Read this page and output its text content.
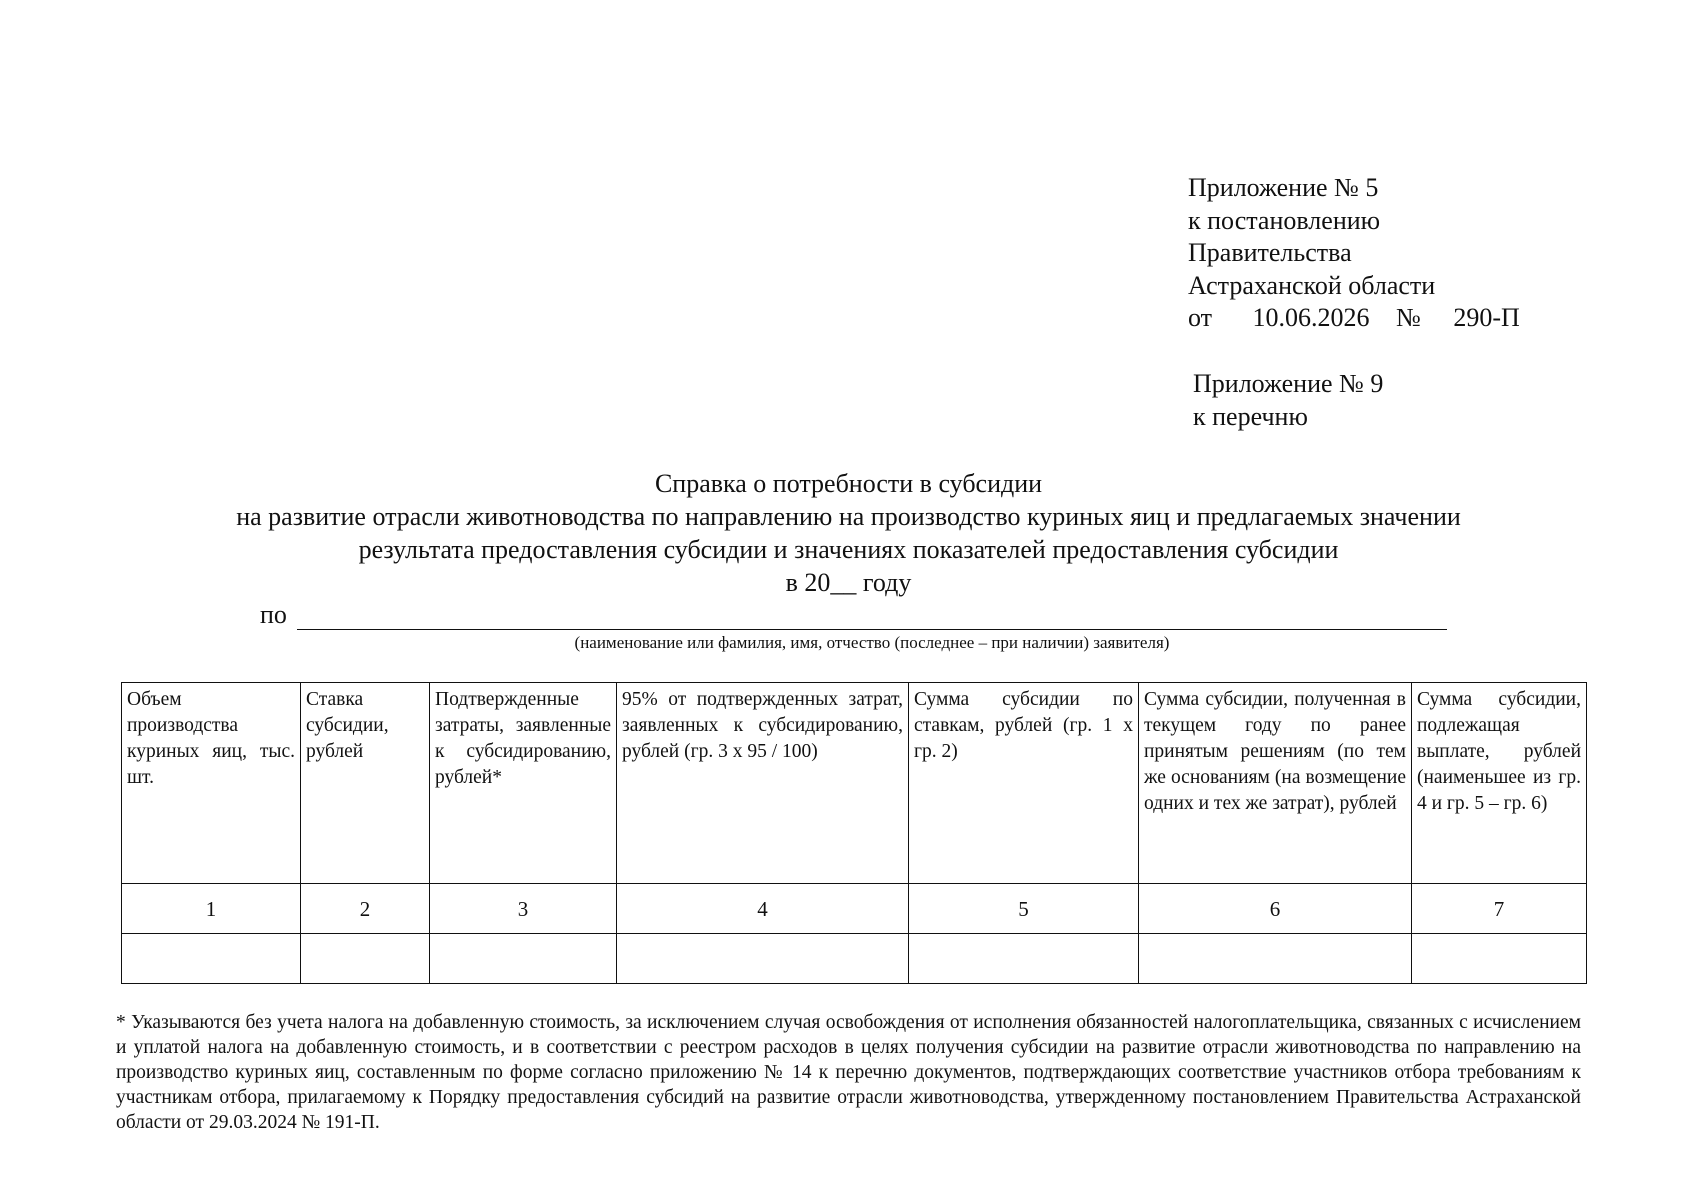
Приложение № 5
к постановлению
Правительства
Астраханской области
от 10.06.2026 № 290-П
Приложение № 9
к перечню
Справка о потребности в субсидии
на развитие отрасли животноводства по направлению на производство куриных яиц и предлагаемых значении
результата предоставления субсидии и значениях показателей предоставления субсидии
в 20__ году
по
(наименование или фамилия, имя, отчество (последнее – при наличии) заявителя)
Объем производства куриных яиц, тыс. шт.	Ставка субсидии, рублей	Подтвержденные затраты, заявленные к субсидированию, рублей*	95% от подтвержденных затрат, заявленных к субсидированию, рублей (гр. 3 х 95 / 100)	Сумма субсидии по ставкам, рублей (гр. 1 х гр. 2)	Сумма субсидии, полученная в текущем году по ранее принятым решениям (по тем же основаниям (на возмещение одних и тех же затрат), рублей	Сумма субсидии, подлежащая выплате, рублей (наименьшее из гр. 4 и гр. 5 – гр. 6)
1	2	3	4	5	6	7

* Указываются без учета налога на добавленную стоимость, за исключением случая освобождения от исполнения обязанностей налогоплательщика, связанных с исчислением и уплатой налога на добавленную стоимость, и в соответствии с реестром расходов в целях получения субсидии на развитие отрасли животноводства по направлению на производство куриных яиц, составленным по форме согласно приложению № 14 к перечню документов, подтверждающих соответствие участников отбора требованиям к участникам отбора, прилагаемому к Порядку предоставления субсидий на развитие отрасли животноводства, утвержденному постановлением Правительства Астраханской области от 29.03.2024 № 191-П.
